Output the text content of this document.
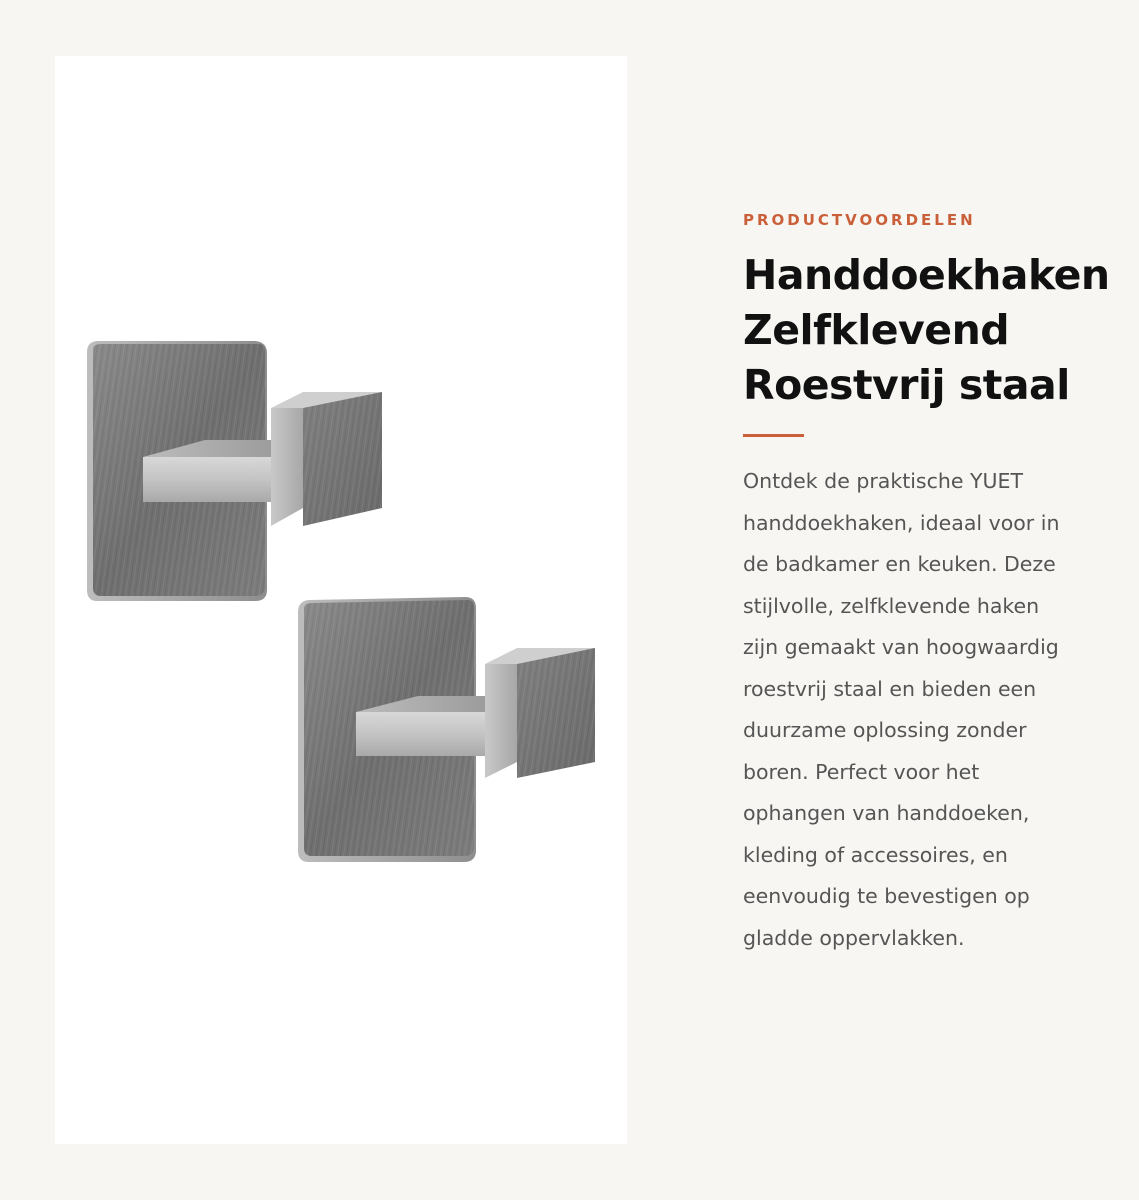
PRODUCTVOORDELEN

Handdoekhaken
Zelfklevend
Roestvrij staal

Ontdek de praktische YUET
handdoekhaken, ideaal voor in
de badkamer en keuken. Deze
stijlvolle, zelfklevende haken
zijn gemaakt van hoogwaardig
roestvrij staal en bieden een
duurzame oplossing zonder
boren. Perfect voor het
ophangen van handdoeken,
kleding of accessoires, en
eenvoudig te bevestigen op
gladde oppervlakken.
